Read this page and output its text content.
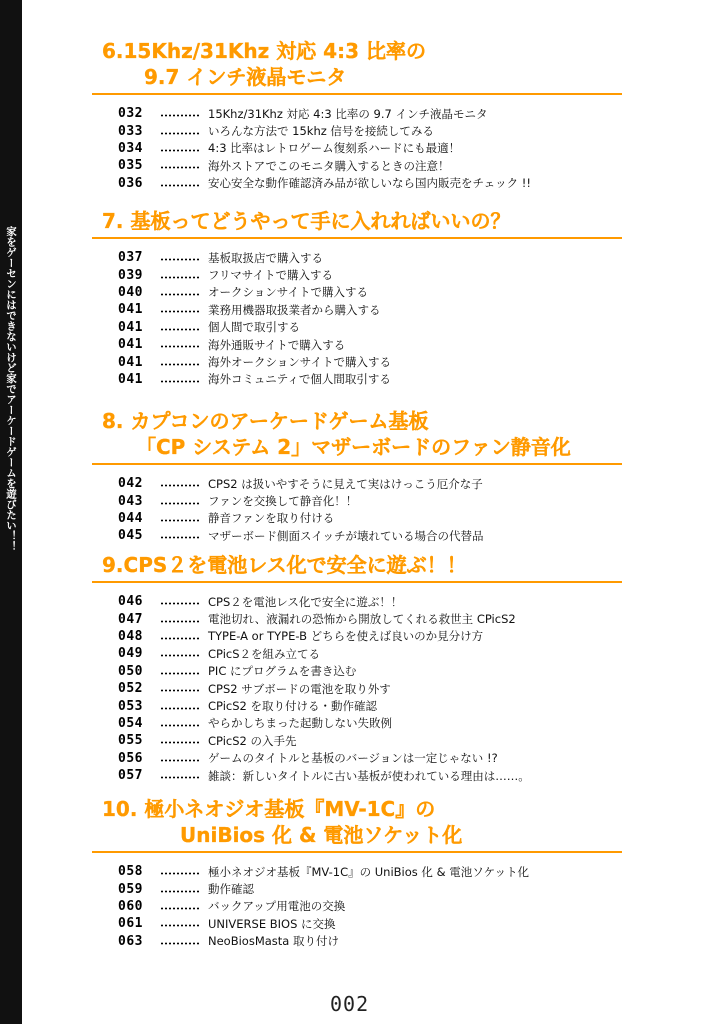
家をゲーセンにはできないけど家でアーケードゲームを遊びたい！！
6.15Khz/31Khz 対応 4:3 比率の
9.7 インチ液晶モニタ
032	15Khz/31Khz 対応 4:3 比率の 9.7 インチ液晶モニタ
033	いろんな方法で 15khz 信号を接続してみる
034	4:3 比率はレトロゲーム復刻系ハードにも最適！
035	海外ストアでこのモニタ購入するときの注意！
036	安心安全な動作確認済み品が欲しいなら国内販売をチェック !!
7. 基板ってどうやって手に入れればいいの？
037	基板取扱店で購入する
039	フリマサイトで購入する
040	オークションサイトで購入する
041	業務用機器取扱業者から購入する
041	個人間で取引する
041	海外通販サイトで購入する
041	海外オークションサイトで購入する
041	海外コミュニティで個人間取引する
8. カプコンのアーケードゲーム基板
「CP システム 2」マザーボードのファン静音化
042	CPS2 は扱いやすそうに見えて実はけっこう厄介な子
043	ファンを交換して静音化！！
044	静音ファンを取り付ける
045	マザーボード側面スイッチが壊れている場合の代替品
9.CPS２を電池レス化で安全に遊ぶ！！
046	CPS２を電池レス化で安全に遊ぶ！！
047	電池切れ、液漏れの恐怖から開放してくれる救世主 CPicS2
048	TYPE-A or TYPE-B どちらを使えば良いのか見分け方
049	CPicS２を組み立てる
050	PIC にプログラムを書き込む
052	CPS2 サブボードの電池を取り外す
053	CPicS2 を取り付ける・動作確認
054	やらかしちまった起動しない失敗例
055	CPicS2 の入手先
056	ゲームのタイトルと基板のバージョンは一定じゃない !?
057	雑談：新しいタイトルに古い基板が使われている理由は……。
10. 極小ネオジオ基板『MV-1C』の
UniBios 化 & 電池ソケット化
058	極小ネオジオ基板『MV-1C』の UniBios 化 & 電池ソケット化
059	動作確認
060	バックアップ用電池の交換
061	UNIVERSE BIOS に交換
063	NeoBiosMasta 取り付け
002
